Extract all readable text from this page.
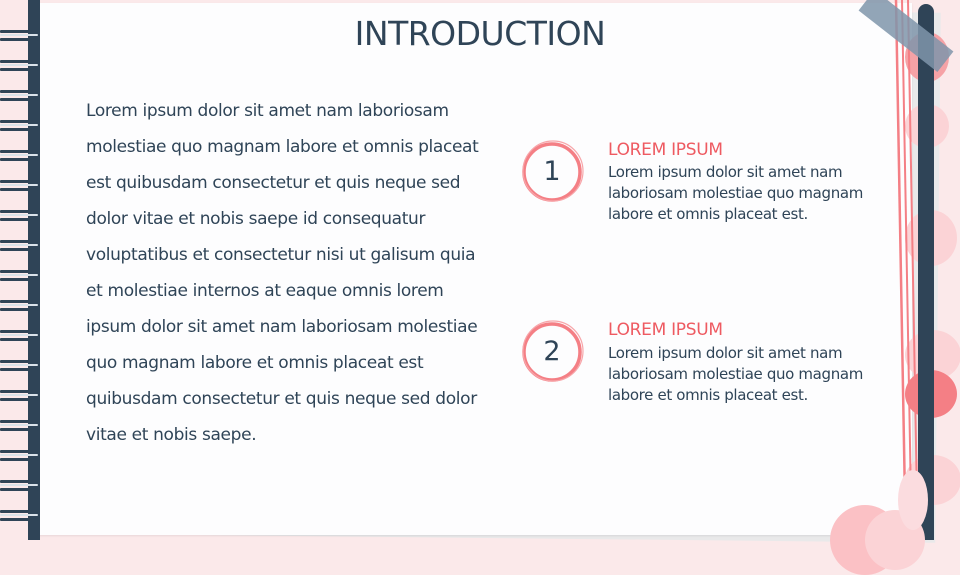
INTRODUCTION
Lorem ipsum dolor sit amet nam laboriosam molestiae quo magnam labore et omnis placeat est quibusdam consectetur et quis neque sed dolor vitae et nobis saepe id consequatur voluptatibus et consectetur nisi ut galisum quia et molestiae internos at eaque omnis lorem ipsum dolor sit amet nam laboriosam molestiae quo magnam labore et omnis placeat est quibusdam consectetur et quis neque sed dolor vitae et nobis saepe.
1
LOREM IPSUM
Lorem ipsum dolor sit amet nam laboriosam molestiae quo magnam labore et omnis placeat est.
2
LOREM IPSUM
Lorem ipsum dolor sit amet nam laboriosam molestiae quo magnam labore et omnis placeat est.
